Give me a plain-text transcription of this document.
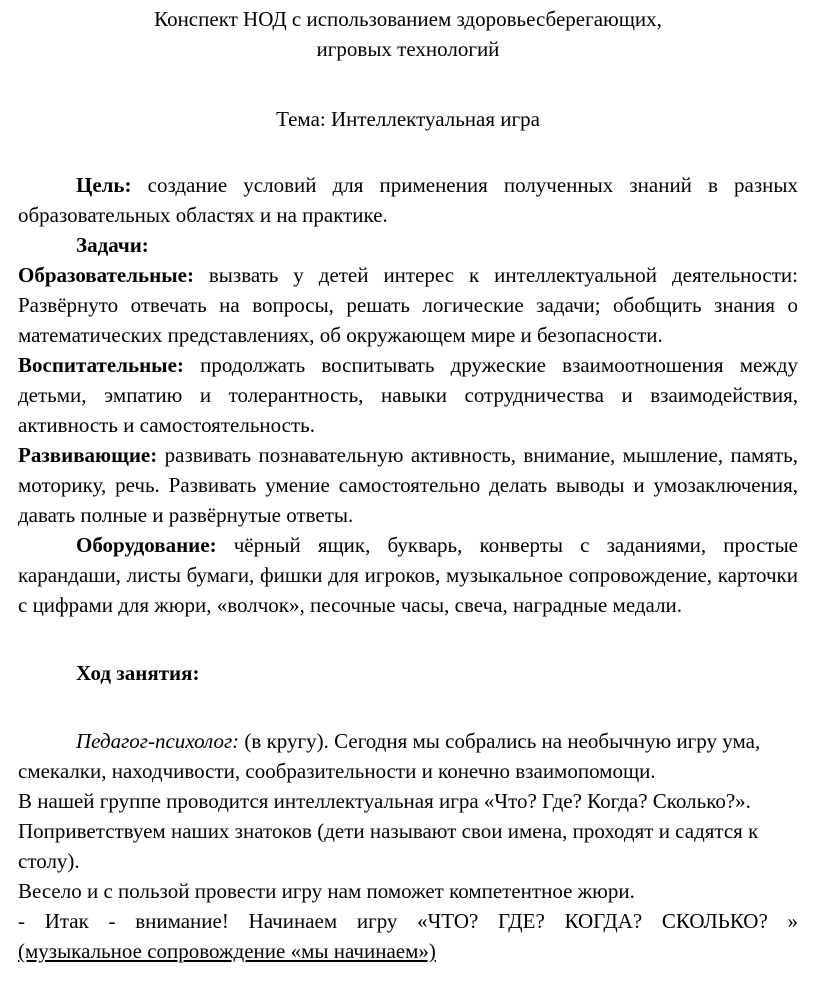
Конспект НОД с использованием здоровьесберегающих,
игровых технологий

Тема: Интеллектуальная игра

Цель: создание условий для применения полученных знаний в разных образовательных областях и на практике.

Задачи:

Образовательные: вызвать у детей интерес к интеллектуальной деятельности: Развёрнуто отвечать на вопросы, решать логические задачи; обобщить знания о математических представлениях, об окружающем мире и безопасности.

Воспитательные: продолжать воспитывать дружеские взаимоотношения между детьми, эмпатию и толерантность, навыки сотрудничества и взаимодействия, активность и самостоятельность.

Развивающие: развивать познавательную активность, внимание, мышление, память, моторику, речь. Развивать умение самостоятельно делать выводы и умозаключения, давать полные и развёрнутые ответы.

Оборудование: чёрный ящик, букварь, конверты с заданиями, простые карандаши, листы бумаги, фишки для игроков, музыкальное сопровождение, карточки с цифрами для жюри, «волчок», песочные часы, свеча, наградные медали.

Ход занятия:

Педагог-психолог: (в кругу). Сегодня мы собрались на необычную игру ума, смекалки, находчивости, сообразительности и конечно взаимопомощи.

В нашей группе проводится интеллектуальная игра «Что? Где? Когда? Сколько?».

Поприветствуем наших знатоков (дети называют свои имена, проходят и садятся к столу).

Весело и с пользой провести игру нам поможет компетентное жюри.

- Итак - внимание! Начинаем игру «ЧТО? ГДЕ? КОГДА? СКОЛЬКО? »

(музыкальное сопровождение «мы начинаем»)
